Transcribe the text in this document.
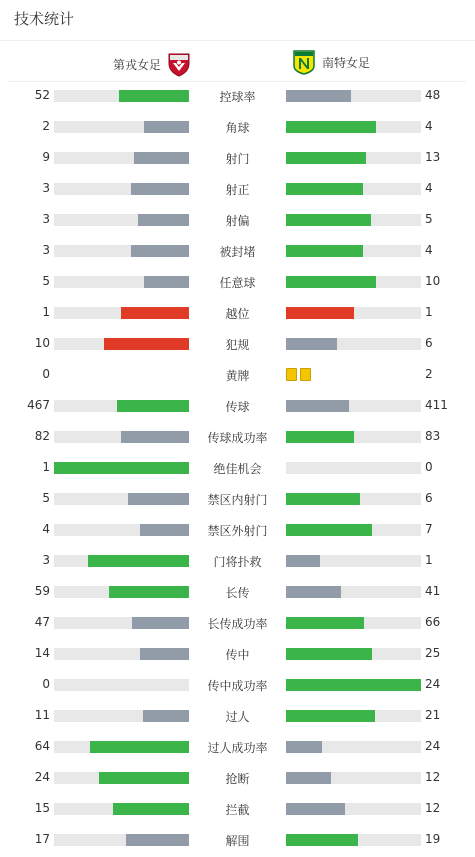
技术统计
第戎女足	南特女足
52	控球率	48
2	角球	4
9	射门	13
3	射正	4
3	射偏	5
3	被封堵	4
5	任意球	10
1	越位	1
10	犯规	6
0	黄牌	2
467	传球	411
82	传球成功率	83
1	绝佳机会	0
5	禁区内射门	6
4	禁区外射门	7
3	门将扑救	1
59	长传	41
47	长传成功率	66
14	传中	25
0	传中成功率	24
11	过人	21
64	过人成功率	24
24	抢断	12
15	拦截	12
17	解围	19
